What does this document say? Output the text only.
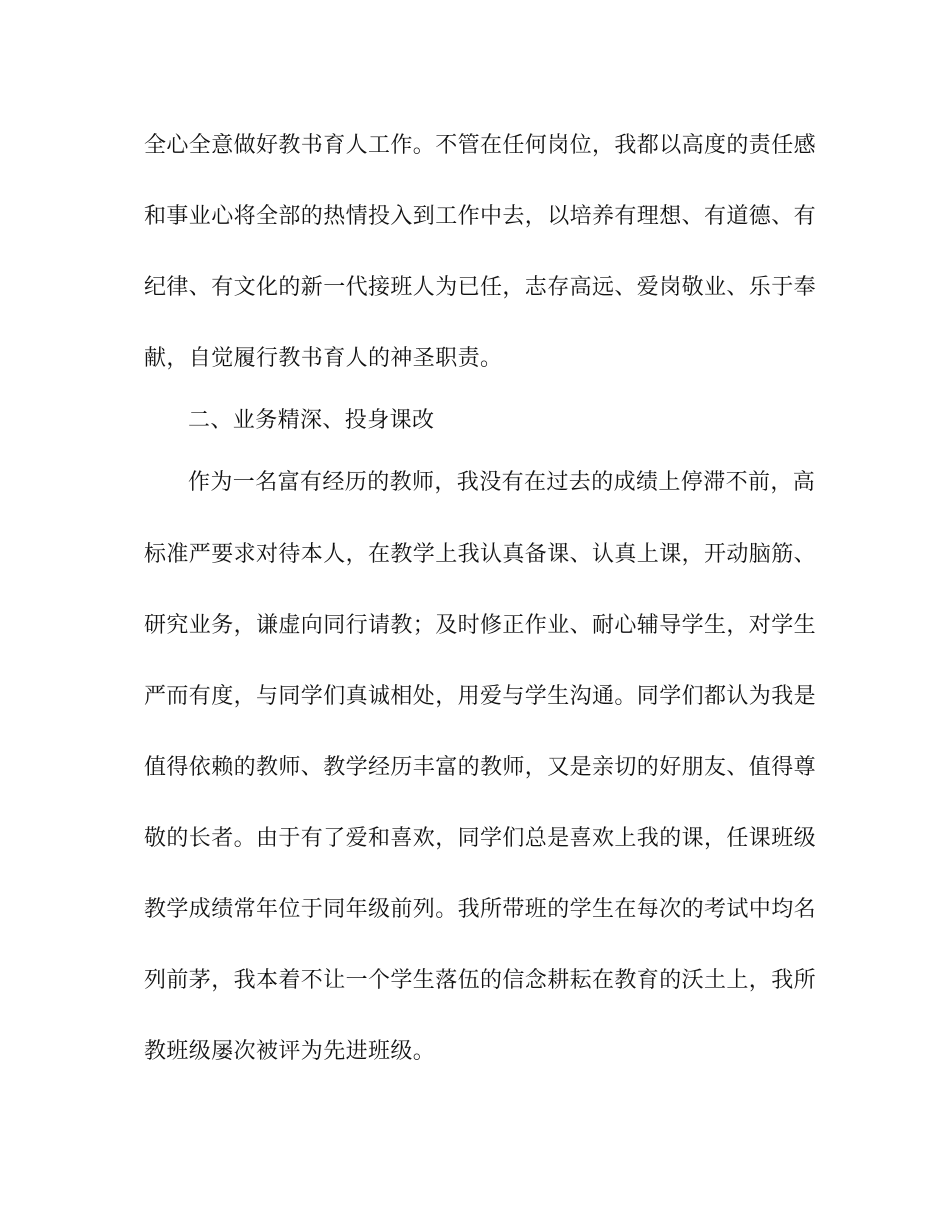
全心全意做好教书育人工作。不管在任何岗位，我都以高度的责任感
和事业心将全部的热情投入到工作中去，以培养有理想、有道德、有
纪律、有文化的新一代接班人为已任，志存高远、爱岗敬业、乐于奉
献，自觉履行教书育人的神圣职责。
二、业务精深、投身课改
作为一名富有经历的教师，我没有在过去的成绩上停滞不前，高
标准严要求对待本人，在教学上我认真备课、认真上课，开动脑筋、
研究业务，谦虚向同行请教；及时修正作业、耐心辅导学生，对学生
严而有度，与同学们真诚相处，用爱与学生沟通。同学们都认为我是
值得依赖的教师、教学经历丰富的教师，又是亲切的好朋友、值得尊
敬的长者。由于有了爱和喜欢，同学们总是喜欢上我的课，任课班级
教学成绩常年位于同年级前列。我所带班的学生在每次的考试中均名
列前茅，我本着不让一个学生落伍的信念耕耘在教育的沃土上，我所
教班级屡次被评为先进班级。
